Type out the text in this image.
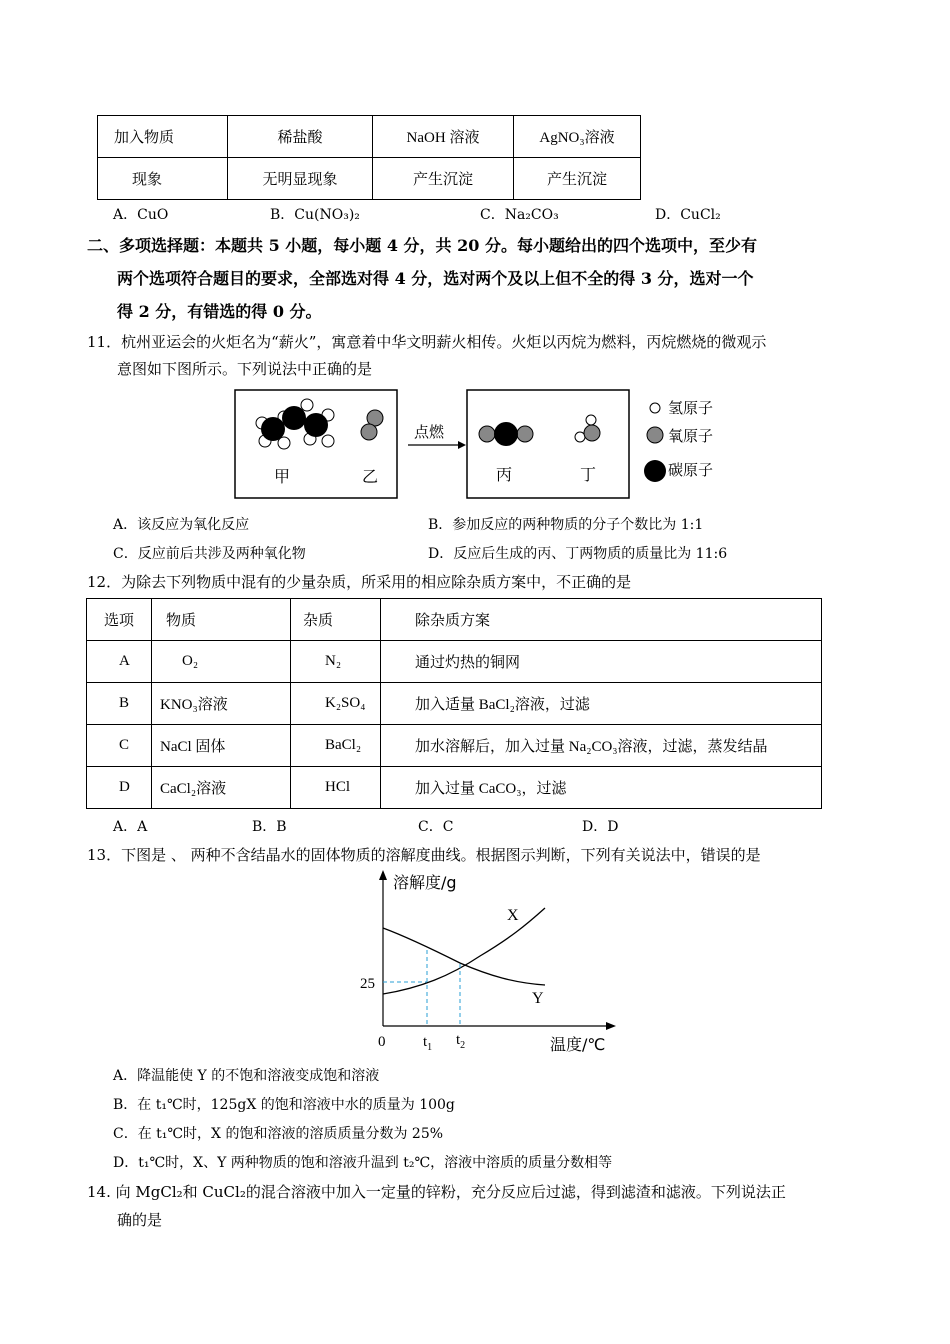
加入物质	稀盐酸	NaOH 溶液	AgNO₃溶液
现象	无明显现象	产生沉淀	产生沉淀
A．CuO	B．Cu(NO₃)₂	C．Na₂CO₃	D．CuCl₂
二、多项选择题：本题共 5 小题，每小题 4 分，共 20 分。每小题给出的四个选项中，至少有
两个选项符合题目的要求，全部选对得 4 分，选对两个及以上但不全的得 3 分，选对一个
得 2 分，有错选的得 0 分。
11．杭州亚运会的火炬名为“薪火”，寓意着中华文明薪火相传。火炬以丙烷为燃料，丙烷燃烧的微观示
意图如下图所示。下列说法中正确的是
甲	乙
点燃
丙	丁
氢原子
氧原子
碳原子
A．该反应为氧化反应	B．参加反应的两种物质的分子个数比为 1:1
C．反应前后共涉及两种氧化物	D．反应后生成的丙、丁两物质的质量比为 11:6
12．为除去下列物质中混有的少量杂质，所采用的相应除杂质方案中，不正确的是
选项	物质	杂质	除杂质方案
A	O₂	N₂	通过灼热的铜网
B	KNO₃溶液	K₂SO₄	加入适量 BaCl₂溶液，过滤
C	NaCl 固体	BaCl₂	加水溶解后，加入过量 Na₂CO₃溶液，过滤，蒸发结晶
D	CaCl₂溶液	HCl	加入过量 CaCO₃，过滤
A．A	B．B	C．C	D．D
13．下图是 、 两种不含结晶水的固体物质的溶解度曲线。根据图示判断，下列有关说法中，错误的是
溶解度/g
温度/℃
0
25
$t_1$ $t_2$
X
Y
A．降温能使 Y 的不饱和溶液变成饱和溶液
B．在 t₁℃时，125gX 的饱和溶液中水的质量为 100g
C．在 t₁℃时，X 的饱和溶液的溶质质量分数为 25%
D．t₁℃时，X、Y 两种物质的饱和溶液升温到 t₂℃，溶液中溶质的质量分数相等
14. 向 MgCl₂和 CuCl₂的混合溶液中加入一定量的锌粉，充分反应后过滤，得到滤渣和滤液。下列说法正
确的是
